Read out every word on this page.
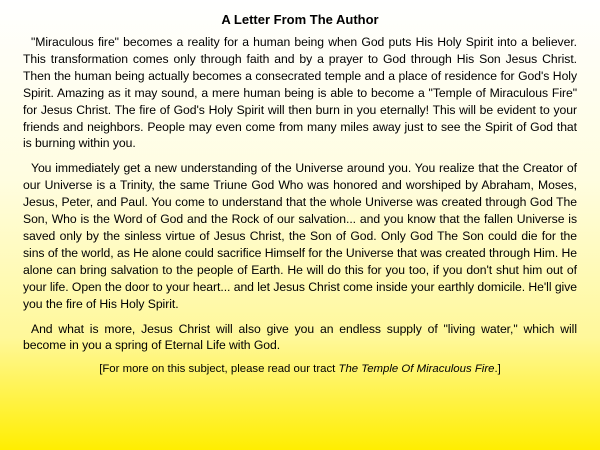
A Letter From The Author

"Miraculous fire" becomes a reality for a human being when God puts His Holy Spirit into a believer. This transformation comes only through faith and by a prayer to God through His Son Jesus Christ. Then the human being actually becomes a consecrated temple and a place of residence for God's Holy Spirit. Amazing as it may sound, a mere human being is able to become a "Temple of Miraculous Fire" for Jesus Christ. The fire of God's Holy Spirit will then burn in you eternally! This will be evident to your friends and neighbors. People may even come from many miles away just to see the Spirit of God that is burning within you.

You immediately get a new understanding of the Universe around you. You realize that the Creator of our Universe is a Trinity, the same Triune God Who was honored and worshiped by Abraham, Moses, Jesus, Peter, and Paul. You come to understand that the whole Universe was created through God The Son, Who is the Word of God and the Rock of our salvation... and you know that the fallen Universe is saved only by the sinless virtue of Jesus Christ, the Son of God. Only God The Son could die for the sins of the world, as He alone could sacrifice Himself for the Universe that was created through Him. He alone can bring salvation to the people of Earth. He will do this for you too, if you don't shut him out of your life. Open the door to your heart... and let Jesus Christ come inside your earthly domicile. He'll give you the fire of His Holy Spirit.

And what is more, Jesus Christ will also give you an endless supply of "living water," which will become in you a spring of Eternal Life with God.

[For more on this subject, please read our tract The Temple Of Miraculous Fire.]
